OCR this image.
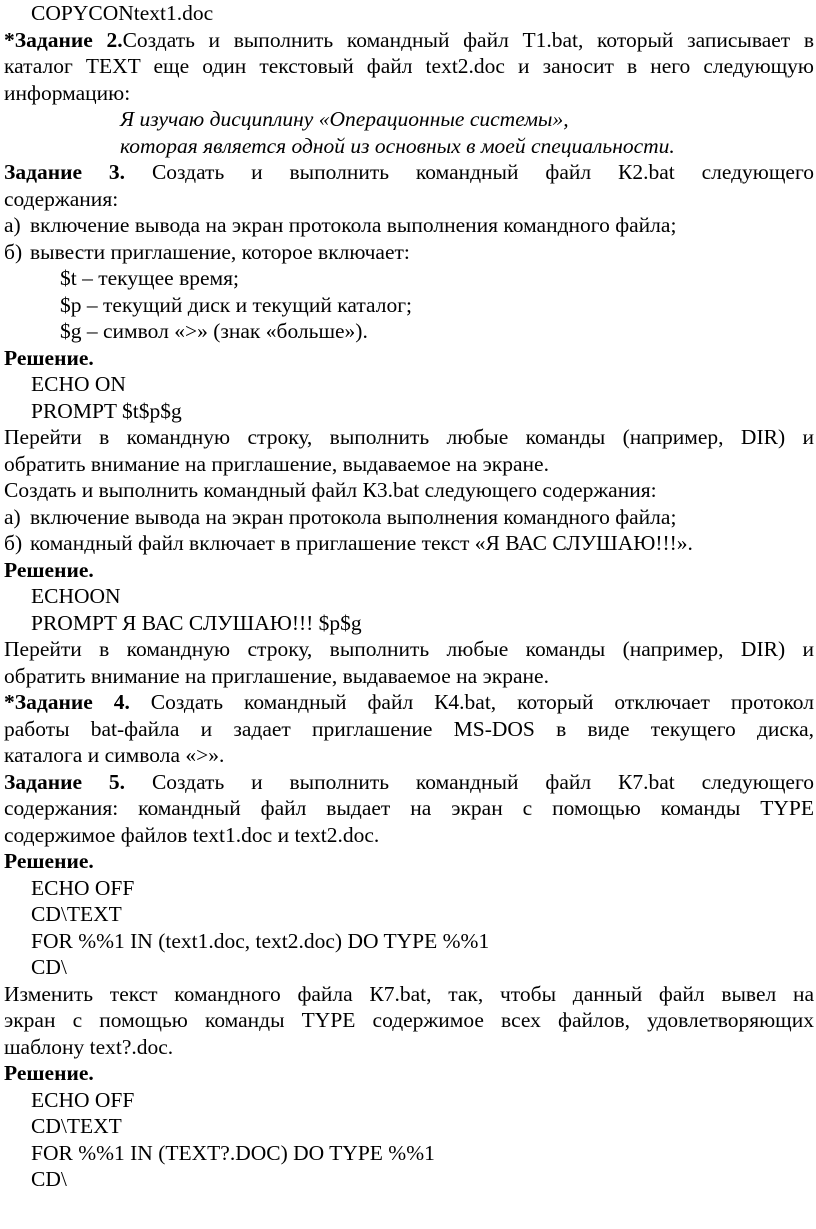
COPYCONtext1.doc
*Задание 2.Создать и выполнить командный файл Т1.bat, который записывает в
каталог TEXT еще один текстовый файл text2.doc и заносит в него следующую
информацию:
Я изучаю дисциплину «Операционные системы»,
которая является одной из основных в моей специальности.
Задание 3. Создать и выполнить командный файл К2.bat следующего
содержания:
а) включение вывода на экран протокола выполнения командного файла;
б) вывести приглашение, которое включает:
$t – текущее время;
$p – текущий диск и текущий каталог;
$g – символ «>» (знак «больше»).
Решение.
ECHO ON
PROMPT $t$p$g
Перейти в командную строку, выполнить любые команды (например, DIR) и
обратить внимание на приглашение, выдаваемое на экране.
Создать и выполнить командный файл К3.bat следующего содержания:
а) включение вывода на экран протокола выполнения командного файла;
б) командный файл включает в приглашение текст «Я ВАС СЛУШАЮ!!!».
Решение.
ECHOON
PROMPT Я ВАС СЛУШАЮ!!! $p$g
Перейти в командную строку, выполнить любые команды (например, DIR) и
обратить внимание на приглашение, выдаваемое на экране.
*Задание 4. Создать командный файл К4.bat, который отключает протокол
работы bat-файла и задает приглашение MS-DOS в виде текущего диска,
каталога и символа «>».
Задание 5. Создать и выполнить командный файл К7.bat следующего
содержания: командный файл выдает на экран с помощью команды TYPE
содержимое файлов text1.doc и text2.doc.
Решение.
ECHO OFF
CD\TEXT
FOR %%1 IN (text1.doc, text2.doc) DO TYPE %%1
CD\
Изменить текст командного файла К7.bat, так, чтобы данный файл вывел на
экран с помощью команды TYPE содержимое всех файлов, удовлетворяющих
шаблону text?.doc.
Решение.
ECHO OFF
CD\TEXT
FOR %%1 IN (TEXT?.DOC) DO TYPE %%1
CD\
